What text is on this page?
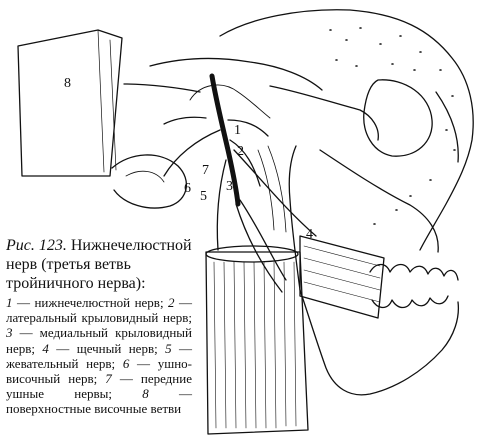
8
1
2
7
3
6
5
4
Рис. 123. Нижнечелюстной нерв (третья ветвь тройничного нерва):
1 — нижнечелюстной нерв; 2 — латеральный крыловидный нерв; 3 — медиальный крыловидный нерв; 4 — щечный нерв; 5 — жевательный нерв; 6 — ушно-височный нерв; 7 — передние ушные нервы; 8 — поверхностные височные ветви
